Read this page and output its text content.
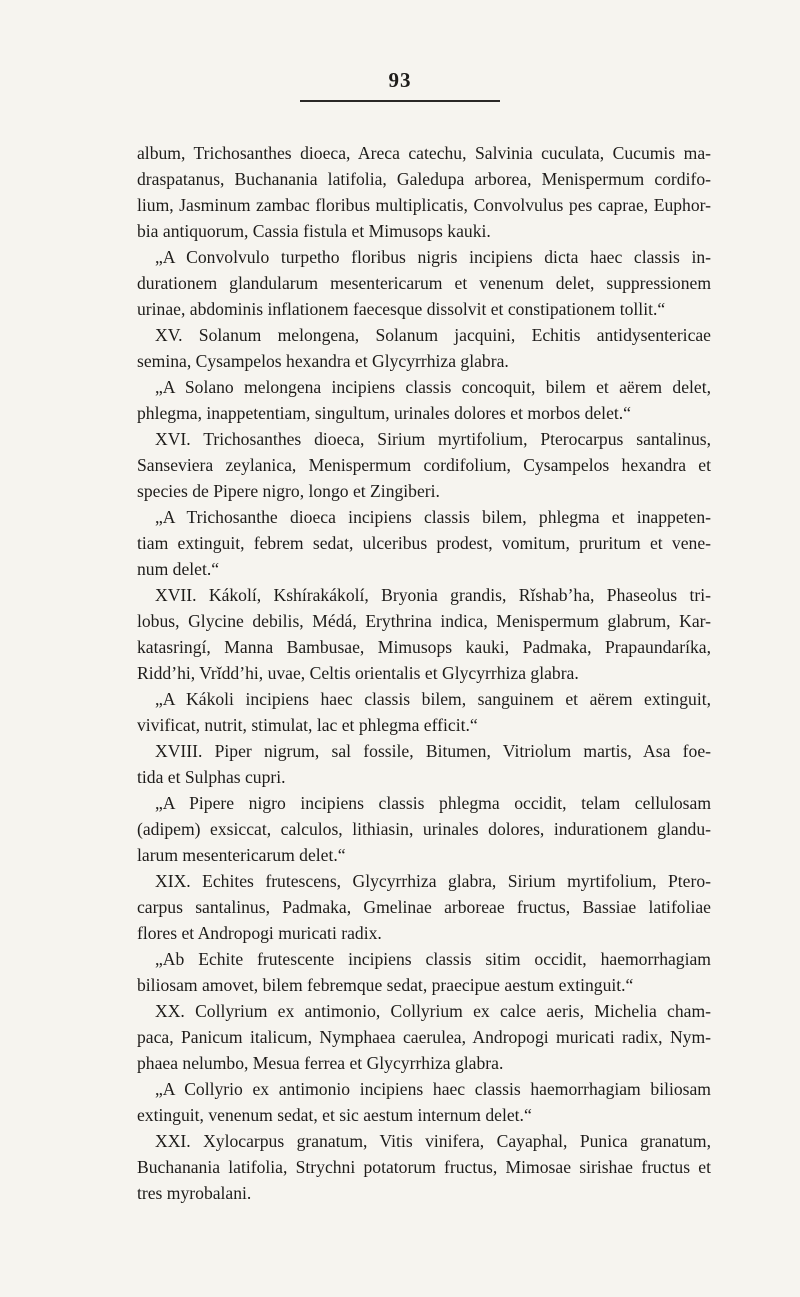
93
album, Trichosanthes dioeca, Areca catechu, Salvinia cuculata, Cucumis ma-
draspatanus, Buchanania latifolia, Galedupa arborea, Menispermum cordifo-
lium, Jasminum zambac floribus multiplicatis, Convolvulus pes caprae, Euphor-
bia antiquorum, Cassia fistula et Mimusops kauki.
„A Convolvulo turpetho floribus nigris incipiens dicta haec classis in-
durationem glandularum mesentericarum et venenum delet, suppressionem
urinae, abdominis inflationem faecesque dissolvit et constipationem tollit.“
XV. Solanum melongena, Solanum jacquini, Echitis antidysentericae
semina, Cysampelos hexandra et Glycyrrhiza glabra.
„A Solano melongena incipiens classis concoquit, bilem et aërem delet,
phlegma, inappetentiam, singultum, urinales dolores et morbos delet.“
XVI. Trichosanthes dioeca, Sirium myrtifolium, Pterocarpus santalinus,
Sanseviera zeylanica, Menispermum cordifolium, Cysampelos hexandra et
species de Pipere nigro, longo et Zingiberi.
„A Trichosanthe dioeca incipiens classis bilem, phlegma et inappeten-
tiam extinguit, febrem sedat, ulceribus prodest, vomitum, pruritum et vene-
num delet.“
XVII. Kákolí, Kshírakákolí, Bryonia grandis, Rǐshab’ha, Phaseolus tri-
lobus, Glycine debilis, Médá, Erythrina indica, Menispermum glabrum, Kar-
katasringí, Manna Bambusae, Mimusops kauki, Padmaka, Prapaundaríka,
Ridd’hi, Vrǐdd’hi, uvae, Celtis orientalis et Glycyrrhiza glabra.
„A Kákoli incipiens haec classis bilem, sanguinem et aërem extinguit,
vivificat, nutrit, stimulat, lac et phlegma efficit.“
XVIII. Piper nigrum, sal fossile, Bitumen, Vitriolum martis, Asa foe-
tida et Sulphas cupri.
„A Pipere nigro incipiens classis phlegma occidit, telam cellulosam
(adipem) exsiccat, calculos, lithiasin, urinales dolores, indurationem glandu-
larum mesentericarum delet.“
XIX. Echites frutescens, Glycyrrhiza glabra, Sirium myrtifolium, Ptero-
carpus santalinus, Padmaka, Gmelinae arboreae fructus, Bassiae latifoliae
flores et Andropogi muricati radix.
„Ab Echite frutescente incipiens classis sitim occidit, haemorrhagiam
biliosam amovet, bilem febremque sedat, praecipue aestum extinguit.“
XX. Collyrium ex antimonio, Collyrium ex calce aeris, Michelia cham-
paca, Panicum italicum, Nymphaea caerulea, Andropogi muricati radix, Nym-
phaea nelumbo, Mesua ferrea et Glycyrrhiza glabra.
„A Collyrio ex antimonio incipiens haec classis haemorrhagiam biliosam
extinguit, venenum sedat, et sic aestum internum delet.“
XXI. Xylocarpus granatum, Vitis vinifera, Cayaphal, Punica granatum,
Buchanania latifolia, Strychni potatorum fructus, Mimosae sirishae fructus et
tres myrobalani.
